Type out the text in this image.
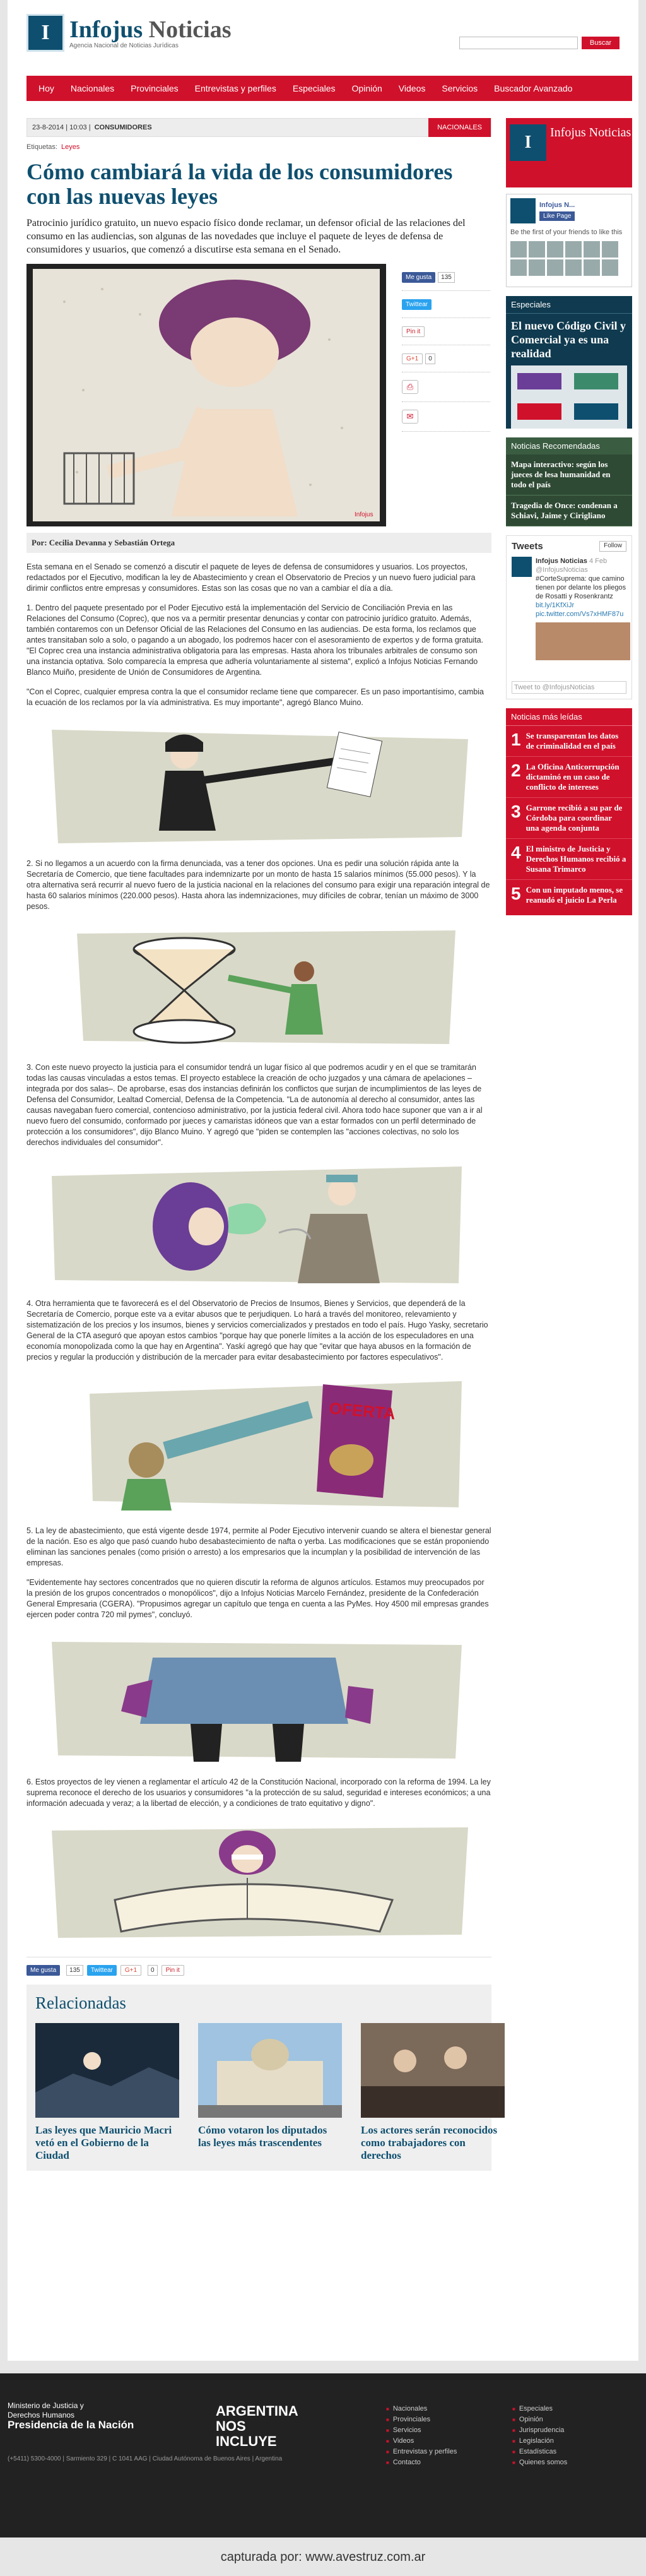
I Infojus Noticias
Agencia Nacional de Noticias Jurídicas	Buscar
Hoy	Nacionales	Provinciales	Entrevistas y perfiles	Especiales	Opinión	Videos	Servicios	Buscador Avanzado
23-8-2014 | 10:03 | CONSUMIDORES	NACIONALES
Etiquetas: Leyes
Cómo cambiará la vida de los consumidores con las nuevas leyes

Patrocinio jurídico gratuito, un nuevo espacio físico donde reclamar, un defensor oficial de las relaciones del consumo en las audiencias, son algunas de las novedades que incluye el paquete de leyes de defensa de consumidores y usuarios, que comenzó a discutirse esta semana en el Senado.

Infojus
Me gusta 135
Twittear
Pin it
G+1 0
⎙
✉
Por: Cecilia Devanna y Sebastián Ortega

Esta semana en el Senado se comenzó a discutir el paquete de leyes de defensa de consumidores y usuarios. Los proyectos, redactados por el Ejecutivo, modifican la ley de Abastecimiento y crean el Observatorio de Precios y un nuevo fuero judicial para dirimir conflictos entre empresas y consumidores. Estas son las cosas que no van a cambiar el día a día.

1. Dentro del paquete presentado por el Poder Ejecutivo está la implementación del Servicio de Conciliación Previa en las Relaciones del Consumo (Coprec), que nos va a permitir presentar denuncias y contar con patrocinio jurídico gratuito. Además, también contaremos con un Defensor Oficial de las Relaciones del Consumo en las audiencias. De esta forma, los reclamos que antes transitaban solo a solo, o pagando a un abogado, los podremos hacer con el asesoramiento de expertos y de forma gratuita. "El Coprec crea una instancia administrativa obligatoria para las empresas. Hasta ahora los tribunales arbitrales de consumo son una instancia optativa. Solo comparecía la empresa que adhería voluntariamente al sistema", explicó a Infojus Noticias Fernando Blanco Muiño, presidente de Unión de Consumidores de Argentina.

"Con el Coprec, cualquier empresa contra la que el consumidor reclame tiene que comparecer. Es un paso importantísimo, cambia la ecuación de los reclamos por la vía administrativa. Es muy importante", agregó Blanco Muino.

2. Si no llegamos a un acuerdo con la firma denunciada, vas a tener dos opciones. Una es pedir una solución rápida ante la Secretaría de Comercio, que tiene facultades para indemnizarte por un monto de hasta 15 salarios mínimos (55.000 pesos). Y la otra alternativa será recurrir al nuevo fuero de la justicia nacional en la relaciones del consumo para exigir una reparación integral de hasta 60 salarios mínimos (220.000 pesos). Hasta ahora las indemnizaciones, muy difíciles de cobrar, tenían un máximo de 3000 pesos.

3. Con este nuevo proyecto la justicia para el consumidor tendrá un lugar físico al que podremos acudir y en el que se tramitarán todas las causas vinculadas a estos temas. El proyecto establece la creación de ocho juzgados y una cámara de apelaciones –integrada por dos salas–. De aprobarse, esas dos instancias definirán los conflictos que surjan de incumplimientos de las leyes de Defensa del Consumidor, Lealtad Comercial, Defensa de la Competencia. "La de autonomía al derecho al consumidor, antes las causas navegaban fuero comercial, contencioso administrativo, por la justicia federal civil. Ahora todo hace suponer que van a ir al nuevo fuero del consumido, conformado por jueces y camaristas idóneos que van a estar formados con un perfil determinado de protección a los consumidores", dijo Blanco Muino. Y agregó que "piden se contemplen las "acciones colectivas, no solo los derechos individuales del consumidor".

4. Otra herramienta que te favorecerá es el del Observatorio de Precios de Insumos, Bienes y Servicios, que dependerá de la Secretaría de Comercio, porque este va a evitar abusos que te perjudiquen. Lo hará a través del monitoreo, relevamiento y sistematización de los precios y los insumos, bienes y servicios comercializados y prestados en todo el país. Hugo Yasky, secretario General de la CTA aseguró que apoyan estos cambios "porque hay que ponerle límites a la acción de los especuladores en una economía monopolizada como la que hay en Argentina". Yaskí agregó que hay que "evitar que haya abusos en la formación de precios y regular la producción y distribución de la mercader para evitar desabastecimiento por factores especulativos".

OFERTA

5. La ley de abastecimiento, que está vigente desde 1974, permite al Poder Ejecutivo intervenir cuando se altera el bienestar general de la nación. Eso es algo que pasó cuando hubo desabastecimiento de nafta o yerba. Las modificaciones que se están proponiendo eliminan las sanciones penales (como prisión o arresto) a los empresarios que la incumplan y la posibilidad de intervención de las empresas.

"Evidentemente hay sectores concentrados que no quieren discutir la reforma de algunos artículos. Estamos muy preocupados por la presión de los grupos concentrados o monopólicos", dijo a Infojus Noticias Marcelo Fernández, presidente de la Confederación General Empresaria (CGERA). "Propusimos agregar un capítulo que tenga en cuenta a las PyMes. Hoy 4500 mil empresas grandes ejercen poder contra 720 mil pymes", concluyó.

6. Estos proyectos de ley vienen a reglamentar el artículo 42 de la Constitución Nacional, incorporado con la reforma de 1994. La ley suprema reconoce el derecho de los usuarios y consumidores "a la protección de su salud, seguridad e intereses económicos; a una información adecuada y veraz; a la libertad de elección, y a condiciones de trato equitativo y digno".

Me gusta	135	Twittear	G+1	0	Pin it
Relacionadas
Las leyes que Mauricio Macri vetó en el Gobierno de la Ciudad
Cómo votaron los diputados las leyes más trascendentes
Los actores serán reconocidos como trabajadores con derechos
I	Infojus Noticias
Infojus N...
Like Page
Be the first of your friends to like this
Especiales
El nuevo Código Civil y Comercial ya es una realidad
Noticias Recomendadas
Mapa interactivo: según los jueces de lesa humanidad en todo el país
Tragedia de Once: condenan a Schiavi, Jaime y Cirigliano
Tweets	Follow
Infojus Noticias 4 Feb
@InfojusNoticias
#CorteSuprema: que camino tienen por delante los pliegos de Rosatti y Rosenkrantz bit.ly/1KfXiJr pic.twitter.com/Vs7xHMF87u
Tweet to @InfojusNoticias
Noticias más leídas
1 Se transparentan los datos de criminalidad en el país
2 La Oficina Anticorrupción dictaminó en un caso de conflicto de intereses
3 Garrone recibió a su par de Córdoba para coordinar una agenda conjunta
4 El ministro de Justicia y Derechos Humanos recibió a Susana Trimarco
5 Con un imputado menos, se reanudó el juicio La Perla
Ministerio de Justicia y Derechos Humanos
Presidencia de la Nación
ARGENTINA NOS INCLUYE
■ Nacionales
■ Provinciales
■ Servicios
■ Videos
■ Entrevistas y perfiles
■ Contacto
■ Especiales
■ Opinión
■ Jurisprudencia
■ Legislación
■ Estadísticas
■ Quienes somos
(+5411) 5300-4000 | Sarmiento 329 | C 1041 AAG | Ciudad Autónoma de Buenos Aires | Argentina
capturada por: www.avestruz.com.ar
